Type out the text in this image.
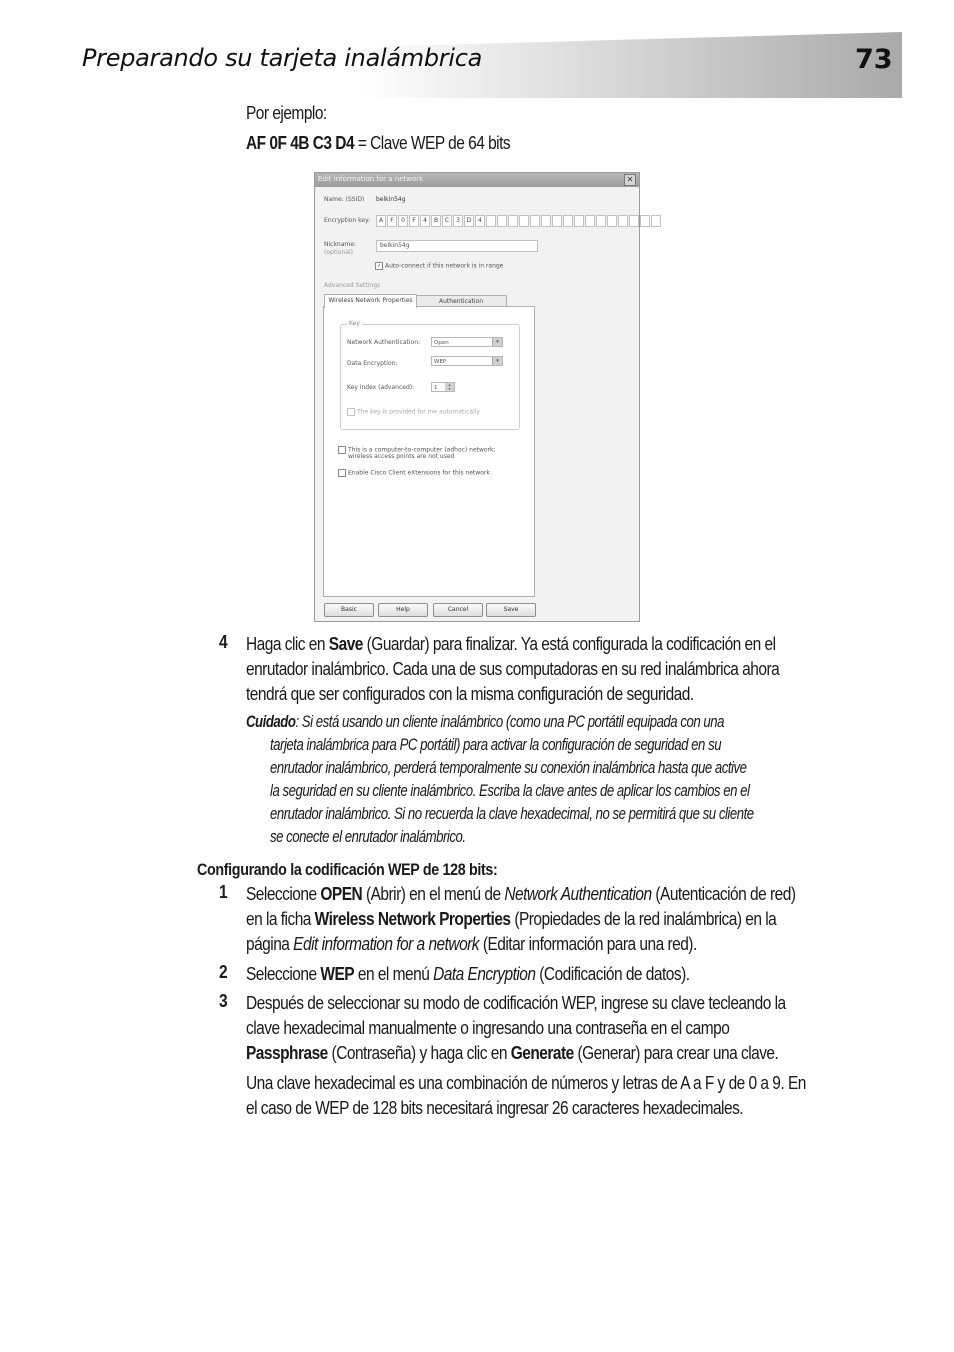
Preparando su tarjeta inalámbrica	73
Por ejemplo:
AF 0F 4B C3 D4 = Clave WEP de 64 bits
Edit information for a network	✕
Name: (SSID) belkin54g
Encryption key:	A	F	0	F	4	B	C	3	D	4
Nickname:
(optional)
belkin54g
✓ Auto-connect if this network is in range
Advanced Settings
Wireless Network Properties	Authentication
Key
Network Authentication:	Open	▾
Data Encryption:	WEP	▾
Key index (advanced):	1
▴
▾
The key is provided for me automatically
This is a computer-to-computer (adhoc) network;
wireless access points are not used
Enable Cisco Client eXtensions for this network
Basic	Help	Cancel	Save
4 Haga clic en Save (Guardar) para finalizar. Ya está configurada la codificación en el
enrutador inalámbrico. Cada una de sus computadoras en su red inalámbrica ahora
tendrá que ser configurados con la misma configuración de seguridad.
Cuidado: Si está usando un cliente inalámbrico (como una PC portátil equipada con una
tarjeta inalámbrica para PC portátil) para activar la configuración de seguridad en su
enrutador inalámbrico, perderá temporalmente su conexión inalámbrica hasta que active
la seguridad en su cliente inalámbrico. Escriba la clave antes de aplicar los cambios en el
enrutador inalámbrico. Si no recuerda la clave hexadecimal, no se permitirá que su cliente
se conecte el enrutador inalámbrico.
Configurando la codificación WEP de 128 bits:
1 Seleccione OPEN (Abrir) en el menú de Network Authentication (Autenticación de red)
en la ficha Wireless Network Properties (Propiedades de la red inalámbrica) en la
página Edit information for a network (Editar información para una red).
2 Seleccione WEP en el menú Data Encryption (Codificación de datos).
3 Después de seleccionar su modo de codificación WEP, ingrese su clave tecleando la
clave hexadecimal manualmente o ingresando una contraseña en el campo
Passphrase (Contraseña) y haga clic en Generate (Generar) para crear una clave.
Una clave hexadecimal es una combinación de números y letras de A a F y de 0 a 9. En
el caso de WEP de 128 bits necesitará ingresar 26 caracteres hexadecimales.
